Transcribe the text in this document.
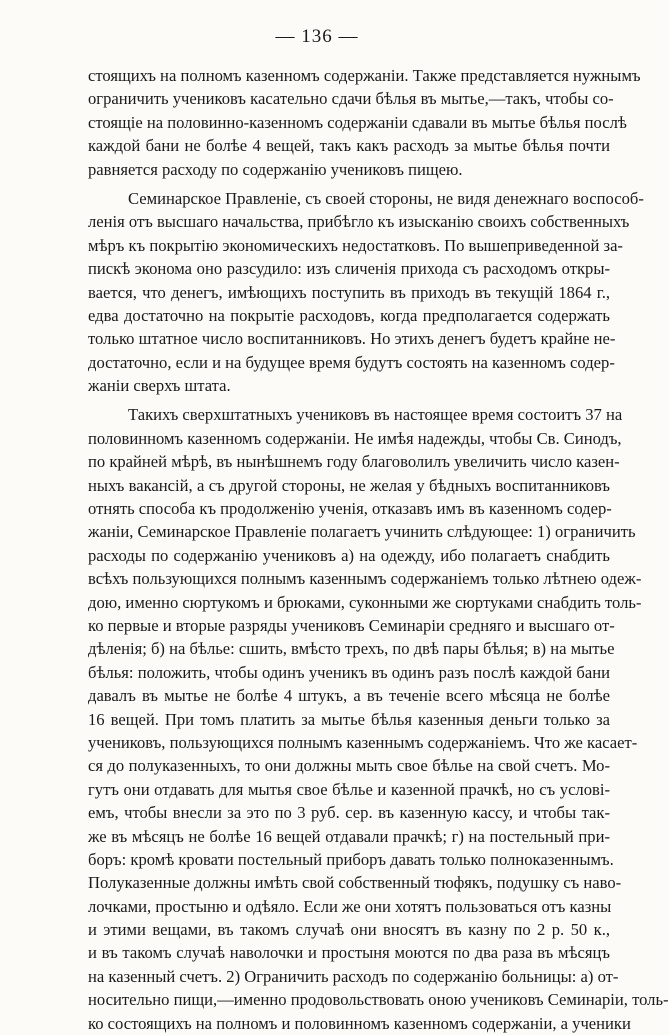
— 136 —
стоящихъ на полномъ казенномъ содержанiи. Также представляется нужнымъ
ограничить учениковъ касательно сдачи бѣлья въ мытье,—такъ, чтобы со-
стоящiе на половинно-казенномъ содержанiи сдавали въ мытье бѣлья послѣ
каждой бани не болѣе 4 вещей, такъ какъ расходъ за мытье бѣлья почти
равняется расходу по содержанiю учениковъ пищею.
Семинарское Правленiе, съ своей стороны, не видя денежнаго воспособ-
ленiя отъ высшаго начальства, прибѣгло къ изысканiю своихъ собственныхъ
мѣръ къ покрытiю экономическихъ недостатковъ. По вышеприведенной за-
пискѣ эконома оно разсудило: изъ сличенiя прихода съ расходомъ откры-
вается, что денегъ, имѣющихъ поступить въ приходъ въ текущiй 1864 г.,
едва достаточно на покрытiе расходовъ, когда предполагается содержать
только штатное число воспитанниковъ. Но этихъ денегъ будетъ крайне не-
достаточно, если и на будущее время будутъ состоять на казенномъ содер-
жанiи сверхъ штата.
Такихъ сверхштатныхъ учениковъ въ настоящее время состоитъ 37 на
половинномъ казенномъ содержанiи. Не имѣя надежды, чтобы Св. Синодъ,
по крайней мѣрѣ, въ нынѣшнемъ году благоволилъ увеличить число казен-
ныхъ вакансiй, а съ другой стороны, не желая у бѣдныхъ воспитанниковъ
отнять способа къ продолженiю ученiя, отказавъ имъ въ казенномъ содер-
жанiи, Семинарское Правленiе полагаетъ учинить слѣдующее: 1) ограничить
расходы по содержанiю учениковъ а) на одежду, ибо полагаетъ снабдить
всѣхъ пользующихся полнымъ казеннымъ содержанiемъ только лѣтнею одеж-
дою, именно сюртукомъ и брюками, суконными же сюртуками снабдить толь-
ко первые и вторые разряды учениковъ Семинарiи средняго и высшаго от-
дѣленiя; б) на бѣлье: сшить, вмѣсто трехъ, по двѣ пары бѣлья; в) на мытье
бѣлья: положить, чтобы одинъ ученикъ въ одинъ разъ послѣ каждой бани
давалъ въ мытье не болѣе 4 штукъ, а въ теченiе всего мѣсяца не болѣе
16 вещей. При томъ платить за мытье бѣлья казенныя деньги только за
учениковъ, пользующихся полнымъ казеннымъ содержанiемъ. Что же касает-
ся до полуказенныхъ, то они должны мыть свое бѣлье на свой счетъ. Мо-
гутъ они отдавать для мытья свое бѣлье и казенной прачкѣ, но съ услові-
емъ, чтобы внесли за это по 3 руб. сер. въ казенную кассу, и чтобы так-
же въ мѣсяцъ не болѣе 16 вещей отдавали прачкѣ; г) на постельный при-
боръ: кромѣ кровати постельный приборъ давать только полноказеннымъ.
Полуказенные должны имѣть свой собственный тюфякъ, подушку съ наво-
лочками, простыню и одѣяло. Если же они хотятъ пользоваться отъ казны
и этими вещами, въ такомъ случаѣ они вносятъ въ казну по 2 р. 50 к.,
и въ такомъ случаѣ наволочки и простыня моются по два раза въ мѣсяцъ
на казенный счетъ. 2) Ограничить расходъ по содержанiю больницы: а) от-
носительно пищи,—именно продовольствовать оною учениковъ Семинарiи, толь-
ко состоящихъ на полномъ и половинномъ казенномъ содержанiи, а ученики
